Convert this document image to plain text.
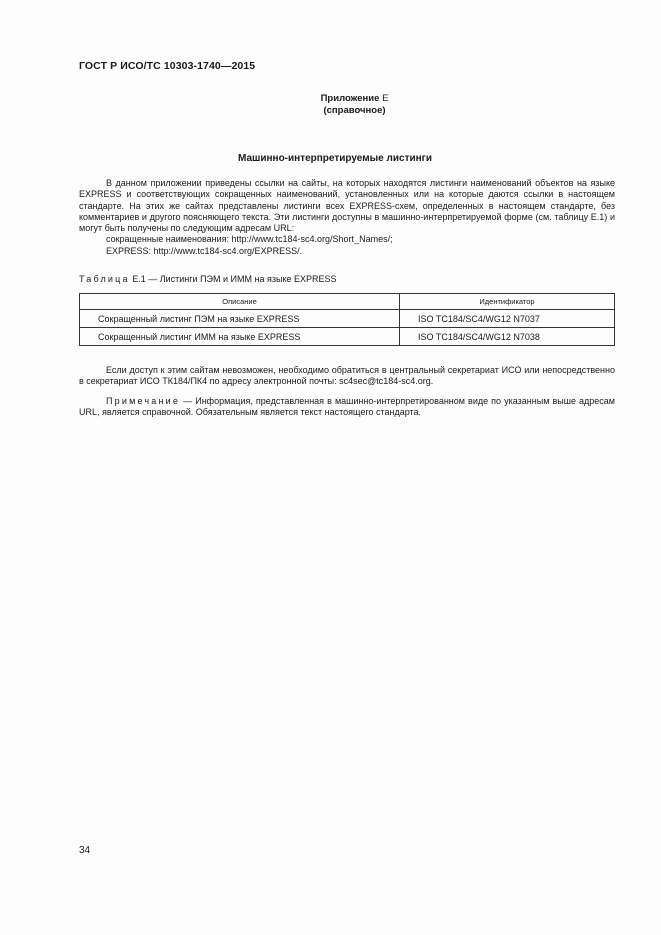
ГОСТ Р ИСО/ТС 10303-1740—2015
Приложение Е
(справочное)
Машинно-интерпретируемые листинги

В данном приложении приведены ссылки на сайты, на которых находятся листинги наименований объектов на языке EXPRESS и соответствующих сокращенных наименований, установленных или на которые даются ссылки в настоящем стандарте. На этих же сайтах представлены листинги всех EXPRESS-схем, определенных в настоящем стандарте, без комментариев и другого поясняющего текста. Эти листинги доступны в машинно-интерпретируемой форме (см. таблицу Е.1) и могут быть получены по следующим адресам URL:

сокращенные наименования: http://www.tc184-sc4.org/Short_Names/;

EXPRESS: http://www.tc184-sc4.org/EXPRESS/.

Таблица Е.1 — Листинги ПЭМ и ИММ на языке EXPRESS
Описание	Идентификатор
Сокращенный листинг ПЭМ на языке EXPRESS	ISO TC184/SC4/WG12 N7037
Сокращенный листинг ИММ на языке EXPRESS	ISO TC184/SC4/WG12 N7038

Если доступ к этим сайтам невозможен, необходимо обратиться в центральный секретариат ИСО или непосредственно в секретариат ИСО ТК184/ПК4 по адресу электронной почты: sc4sec@tc184-sc4.org.

Примечание — Информация, представленная в машинно-интерпретированном виде по указанным выше адресам URL, является справочной. Обязательным является текст настоящего стандарта.

34
